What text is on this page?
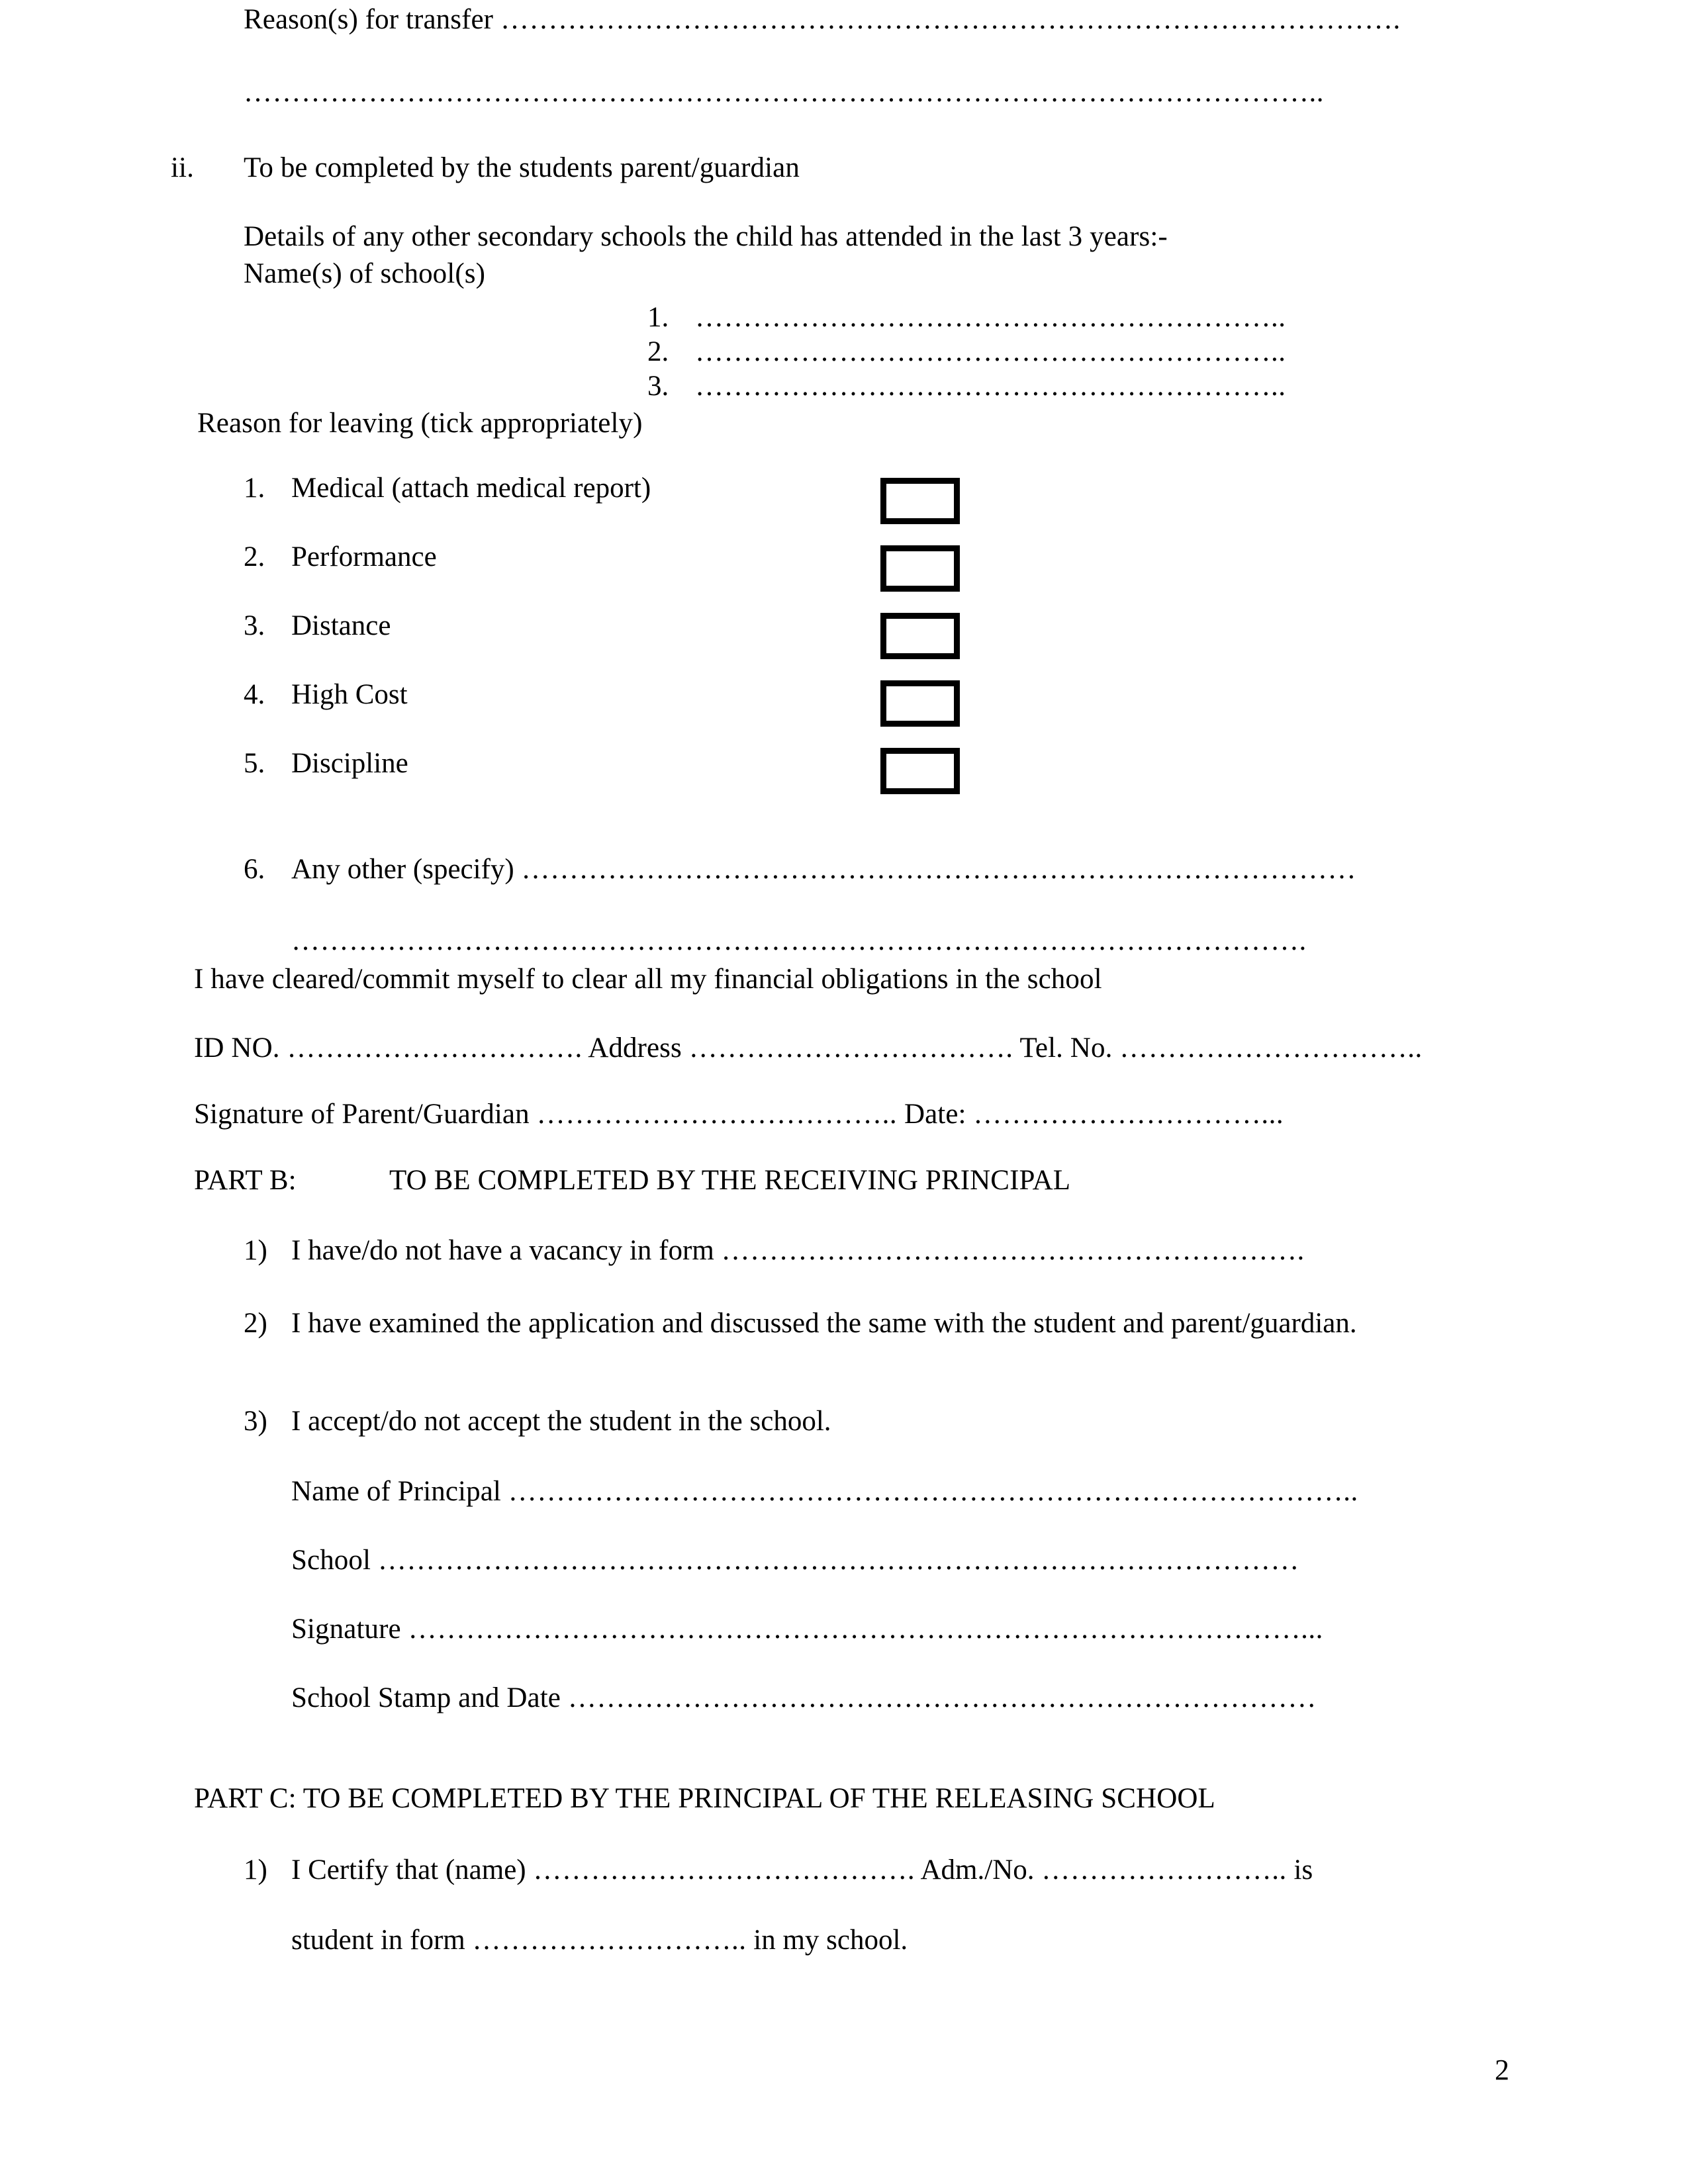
Reason(s) for transfer ………………………………………………………………………………….
…………………………………………………………………………………………………..
ii. To be completed by the students parent/guardian
Details of any other secondary schools the child has attended in the last 3 years:-
Name(s) of school(s)
1. ……………………………………………………..
2. ……………………………………………………..
3. ……………………………………………………..
Reason for leaving (tick appropriately)
1. Medical (attach medical report)
2. Performance
3. Distance
4. High Cost
5. Discipline
6. Any other (specify) ……………………………………………………………………………
…………………………………………………………………………………………….
I have cleared/commit myself to clear all my financial obligations in the school
ID NO. …………………………. Address ……………………………. Tel. No. …………………………..
Signature of Parent/Guardian ……………………………….. Date: …………………………...
PART B:	TO BE COMPLETED BY THE RECEIVING PRINCIPAL
1) I have/do not have a vacancy in form …………………………………………………….
2) I have examined the application and discussed the same with the student and parent/guardian.
3) I accept/do not accept the student in the school.
Name of Principal ……………………………………………………………………………..
School ……………………………………………………………………………………
Signature …………………………………………………………………………………...
School Stamp and Date ……………………………………………………………………
PART C: TO BE COMPLETED BY THE PRINCIPAL OF THE RELEASING SCHOOL
1) I Certify that (name) …………………………………. Adm./No. …………………….. is
student in form ……………………….. in my school.
2
